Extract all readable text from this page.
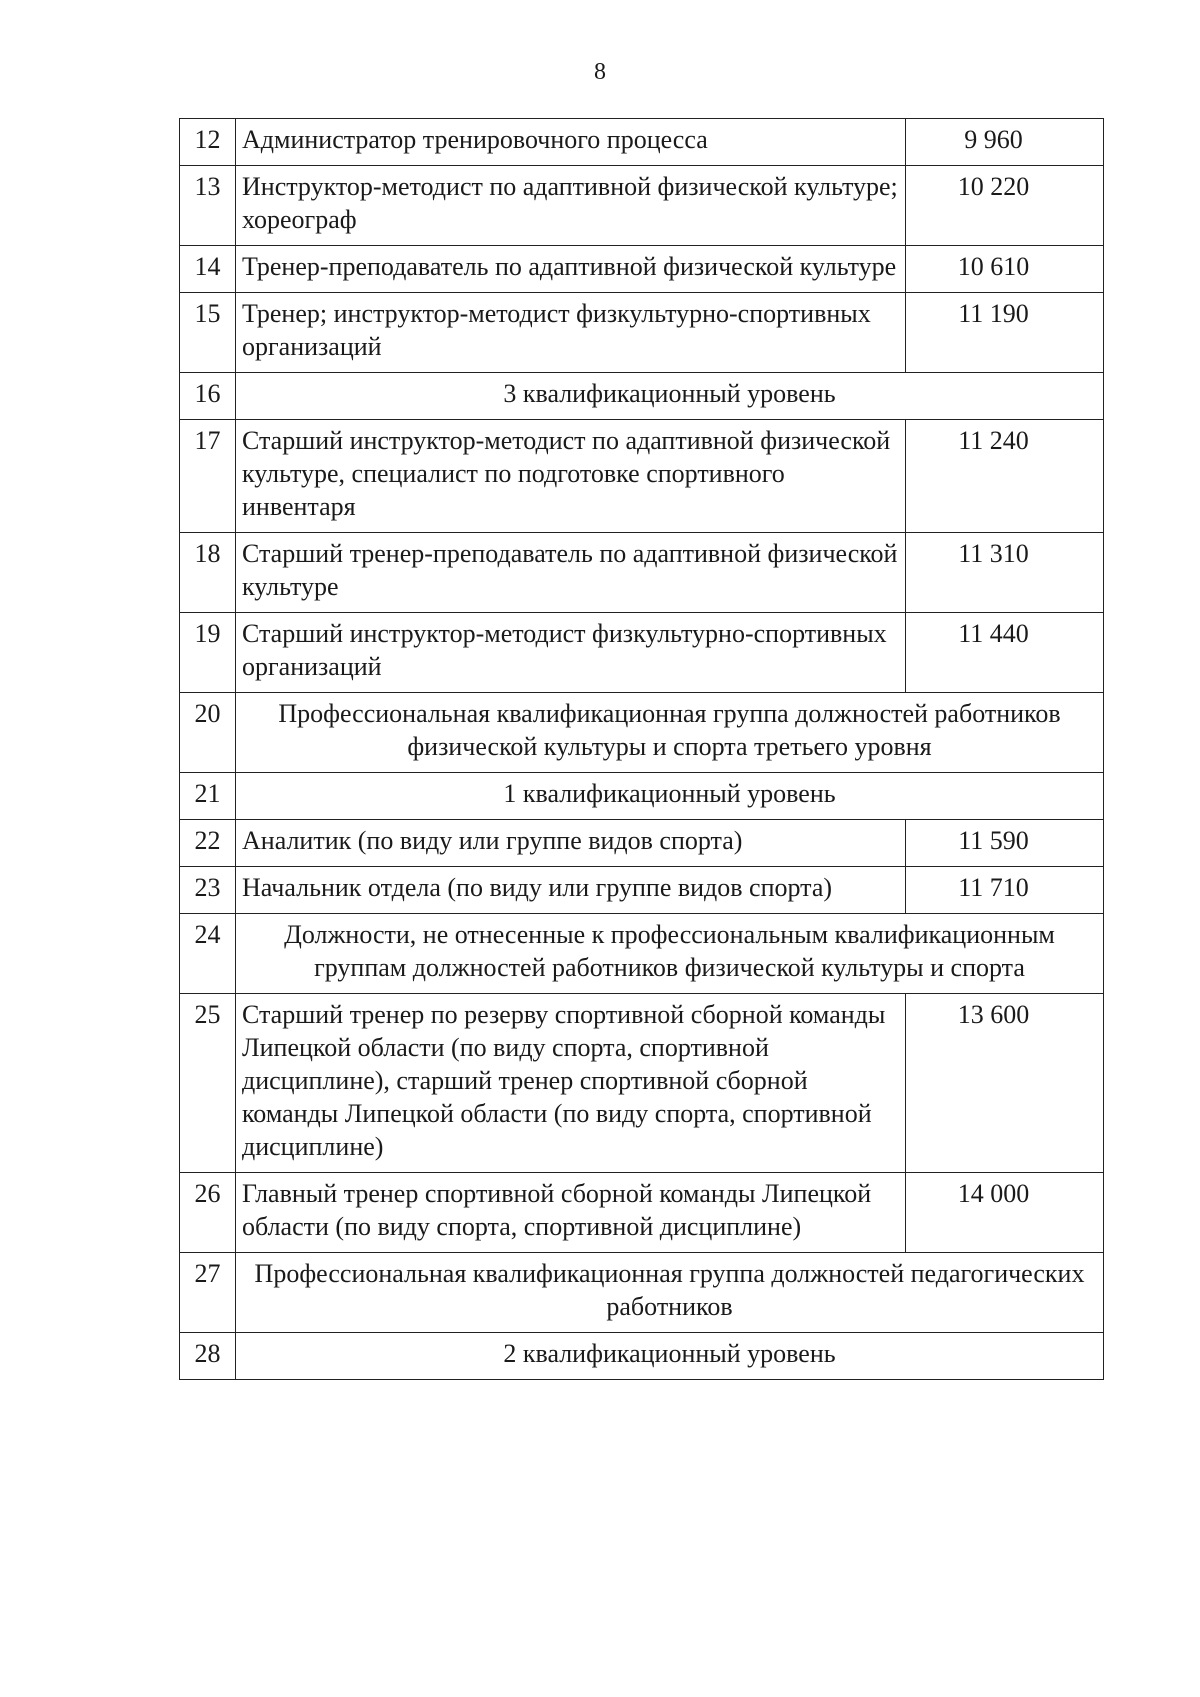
8
12	Администратор тренировочного процесса	9 960
13	Инструктор-методист по адаптивной физической культуре; хореограф	10 220
14	Тренер-преподаватель по адаптивной физической культуре	10 610
15	Тренер; инструктор-методист физкультурно-спортивных организаций	11 190
16	3 квалификационный уровень	
17	Старший инструктор-методист по адаптивной физической культуре, специалист по подготовке спортивного инвентаря	11 240
18	Старший тренер-преподаватель по адаптивной физической культуре	11 310
19	Старший инструктор-методист физкультурно-спортивных организаций	11 440
20	Профессиональная квалификационная группа должностей работников физической культуры и спорта третьего уровня	
21	1 квалификационный уровень	
22	Аналитик (по виду или группе видов спорта)	11 590
23	Начальник отдела (по виду или группе видов спорта)	11 710
24	Должности, не отнесенные к профессиональным квалификационным группам должностей работников физической культуры и спорта	
25	Старший тренер по резерву спортивной сборной команды Липецкой области (по виду спорта, спортивной дисциплине), старший тренер спортивной сборной команды Липецкой области (по виду спорта, спортивной дисциплине)	13 600
26	Главный тренер спортивной сборной команды Липецкой области (по виду спорта, спортивной дисциплине)	14 000
27	Профессиональная квалификационная группа должностей педагогических работников	
28	2 квалификационный уровень	
